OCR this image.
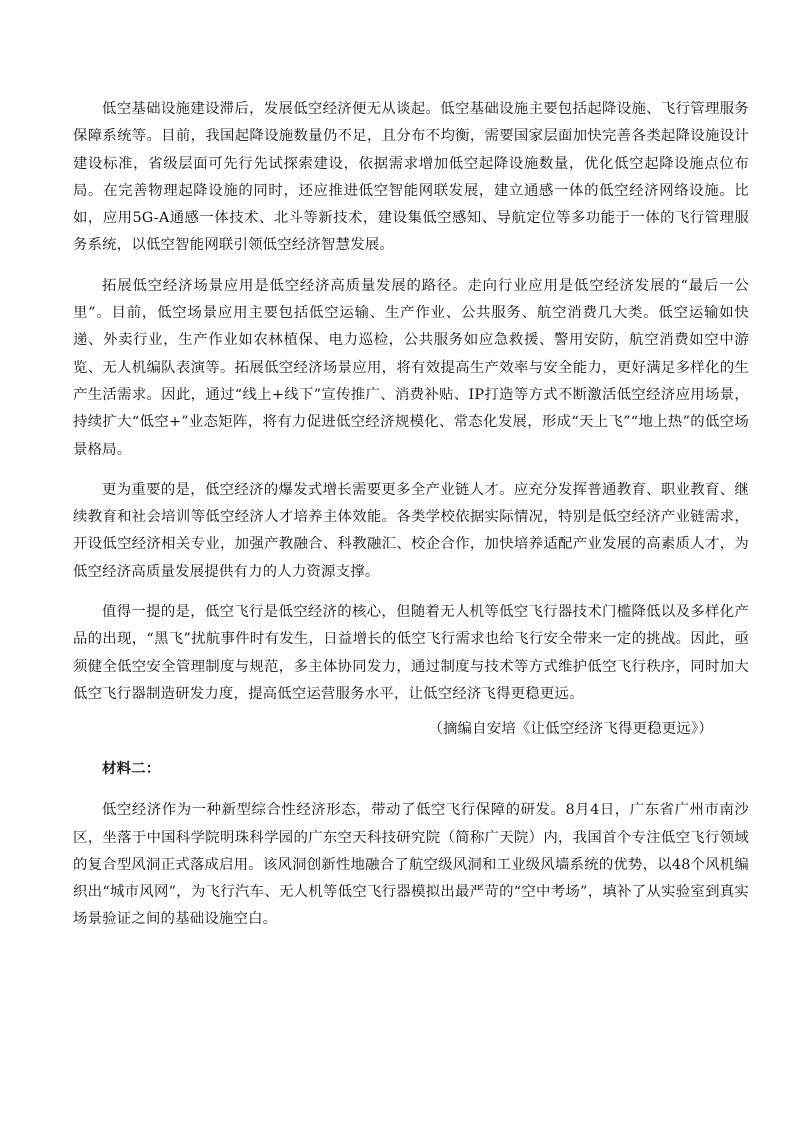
低空基础设施建设滞后，发展低空经济便无从谈起。低空基础设施主要包括起降设施、飞行管理服务保障系统等。目前，我国起降设施数量仍不足，且分布不均衡，需要国家层面加快完善各类起降设施设计建设标准，省级层面可先行先试探索建设，依据需求增加低空起降设施数量，优化低空起降设施点位布局。在完善物理起降设施的同时，还应推进低空智能网联发展，建立通感一体的低空经济网络设施。比如，应用5G-A通感一体技术、北斗等新技术，建设集低空感知、导航定位等多功能于一体的飞行管理服务系统，以低空智能网联引领低空经济智慧发展。

拓展低空经济场景应用是低空经济高质量发展的路径。走向行业应用是低空经济发展的“最后一公里”。目前，低空场景应用主要包括低空运输、生产作业、公共服务、航空消费几大类。低空运输如快递、外卖行业，生产作业如农林植保、电力巡检，公共服务如应急救援、警用安防，航空消费如空中游览、无人机编队表演等。拓展低空经济场景应用，将有效提高生产效率与安全能力，更好满足多样化的生产生活需求。因此，通过“线上+线下”宣传推广、消费补贴、IP打造等方式不断激活低空经济应用场景，持续扩大“低空+”业态矩阵，将有力促进低空经济规模化、常态化发展，形成“天上飞”“地上热”的低空场景格局。

更为重要的是，低空经济的爆发式增长需要更多全产业链人才。应充分发挥普通教育、职业教育、继续教育和社会培训等低空经济人才培养主体效能。各类学校依据实际情况，特别是低空经济产业链需求，开设低空经济相关专业，加强产教融合、科教融汇、校企合作，加快培养适配产业发展的高素质人才，为低空经济高质量发展提供有力的人力资源支撑。

值得一提的是，低空飞行是低空经济的核心，但随着无人机等低空飞行器技术门槛降低以及多样化产品的出现，“黑飞”扰航事件时有发生，日益增长的低空飞行需求也给飞行安全带来一定的挑战。因此，亟须健全低空安全管理制度与规范，多主体协同发力，通过制度与技术等方式维护低空飞行秩序，同时加大低空飞行器制造研发力度，提高低空运营服务水平，让低空经济飞得更稳更远。

（摘编自安培《让低空经济飞得更稳更远》）

材料二：

低空经济作为一种新型综合性经济形态，带动了低空飞行保障的研发。8月4日，广东省广州市南沙区，坐落于中国科学院明珠科学园的广东空天科技研究院（简称广天院）内，我国首个专注低空飞行领域的复合型风洞正式落成启用。该风洞创新性地融合了航空级风洞和工业级风墙系统的优势，以48个风机编织出“城市风网”，为飞行汽车、无人机等低空飞行器模拟出最严苛的“空中考场”，填补了从实验室到真实场景验证之间的基础设施空白。
